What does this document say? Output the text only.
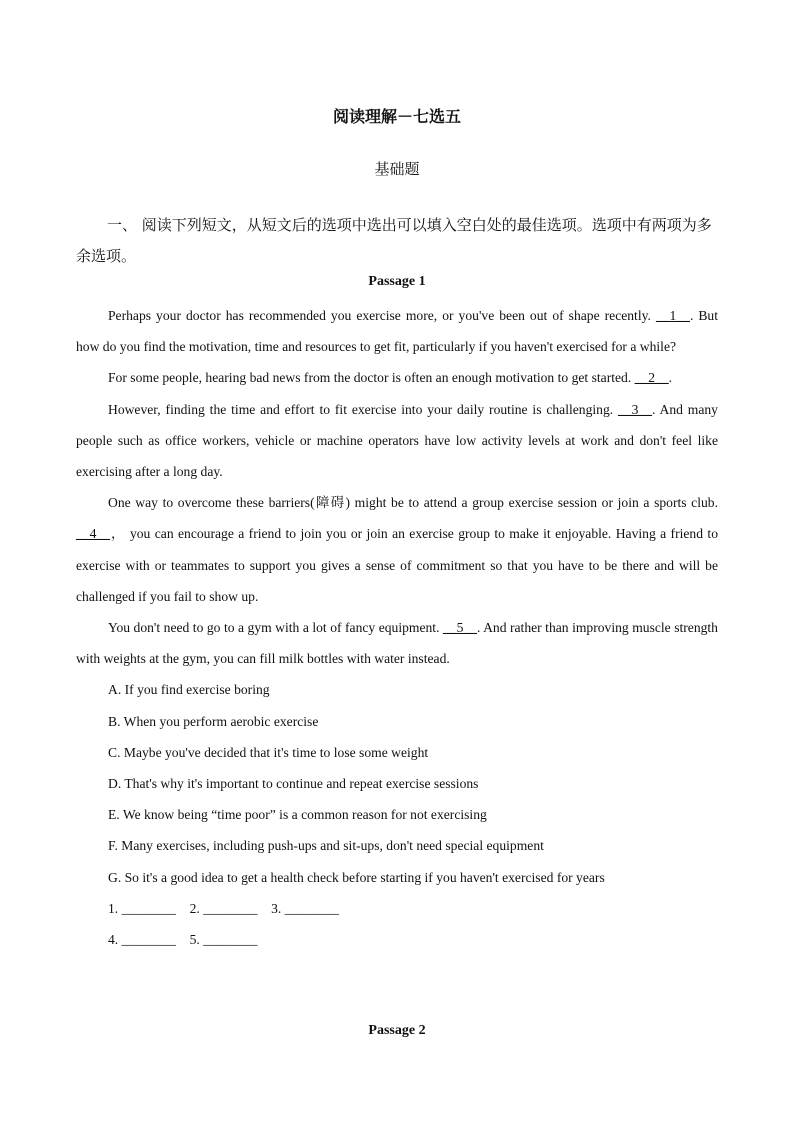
阅读理解－七选五
基础题
一、 阅读下列短文，从短文后的选项中选出可以填入空白处的最佳选项。选项中有两项为多余选项。
Passage 1

Perhaps your doctor has recommended you exercise more, or you've been out of shape recently. __1__. But how do you find the motivation, time and resources to get fit, particularly if you haven't exercised for a while?

For some people, hearing bad news from the doctor is often an enough motivation to get started. __2__.

However, finding the time and effort to fit exercise into your daily routine is challenging. __3__. And many people such as office workers, vehicle or machine operators have low activity levels at work and don't feel like exercising after a long day.

One way to overcome these barriers(障碍) might be to attend a group exercise session or join a sports club. __4__， you can encourage a friend to join you or join an exercise group to make it enjoyable. Having a friend to exercise with or teammates to support you gives a sense of commitment so that you have to be there and will be challenged if you fail to show up.

You don't need to go to a gym with a lot of fancy equipment. __5__. And rather than improving muscle strength with weights at the gym, you can fill milk bottles with water instead.

A. If you find exercise boring

B. When you perform aerobic exercise

C. Maybe you've decided that it's time to lose some weight

D. That's why it's important to continue and repeat exercise sessions

E. We know being “time poor” is a common reason for not exercising

F. Many exercises, including push-ups and sit-ups, don't need special equipment

G. So it's a good idea to get a health check before starting if you haven't exercised for years

1. ________    2. ________    3. ________

4. ________    5. ________

Passage 2
